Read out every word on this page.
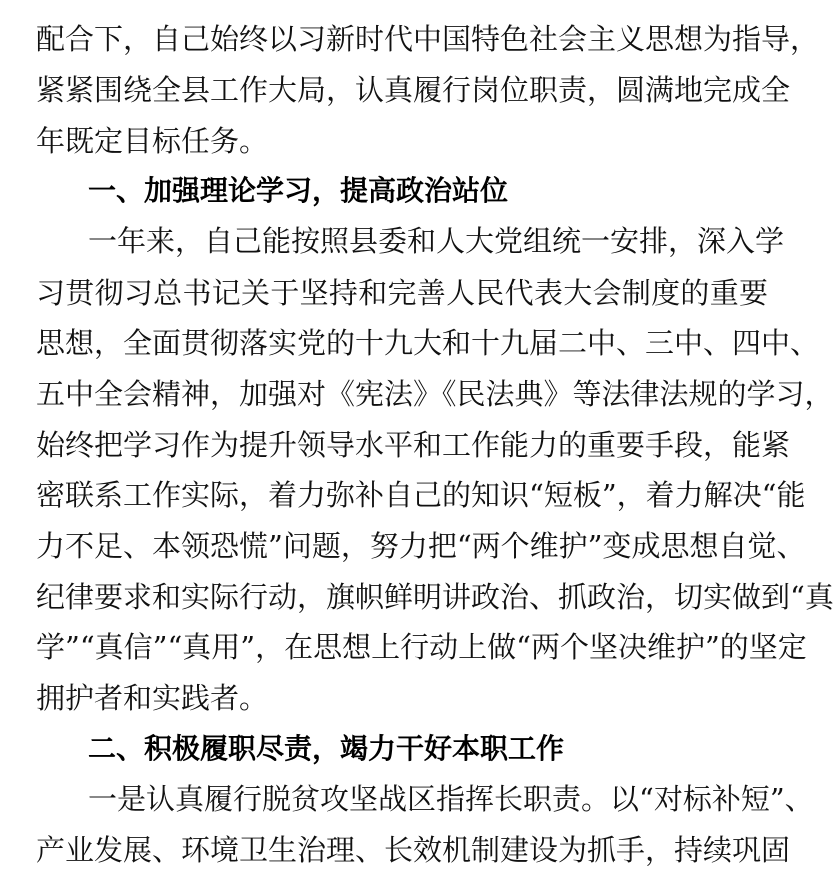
配合下，自己始终以习新时代中国特色社会主义思想为指导，

紧紧围绕全县工作大局，认真履行岗位职责，圆满地完成全

年既定目标任务。

一、加强理论学习，提高政治站位

一年来，自己能按照县委和人大党组统一安排，深入学

习贯彻习总书记关于坚持和完善人民代表大会制度的重要

思想，全面贯彻落实党的十九大和十九届二中、三中、四中、

五中全会精神，加强对《宪法》《民法典》等法律法规的学习，

始终把学习作为提升领导水平和工作能力的重要手段，能紧

密联系工作实际，着力弥补自己的知识“短板”，着力解决“能

力不足、本领恐慌”问题，努力把“两个维护”变成思想自觉、

纪律要求和实际行动，旗帜鲜明讲政治、抓政治，切实做到“真

学”“真信”“真用”，在思想上行动上做“两个坚决维护”的坚定

拥护者和实践者。

二、积极履职尽责，竭力干好本职工作

一是认真履行脱贫攻坚战区指挥长职责。以“对标补短”、

产业发展、环境卫生治理、长效机制建设为抓手，持续巩固
